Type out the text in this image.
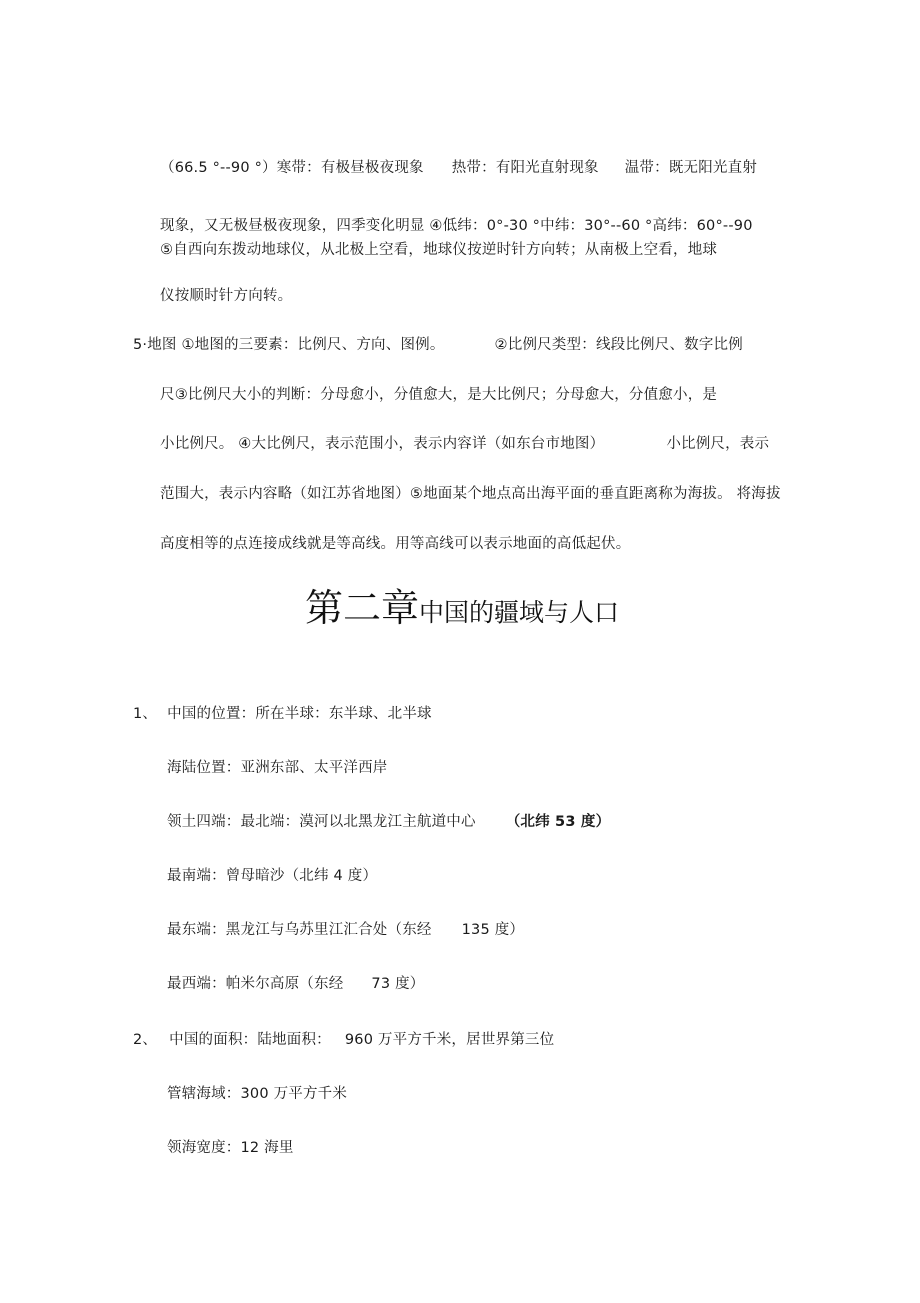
（66.5 °--90 °）寒带：有极昼极夜现象 热带：有阳光直射现象 温带：既无阳光直射
现象，又无极昼极夜现象，四季变化明显 ④低纬：0°-30 °中纬：30°--60 °高纬：60°--90
⑤自西向东拨动地球仪，从北极上空看，地球仪按逆时针方向转；从南极上空看，地球
仪按顺时针方向转。
5·地图 ①地图的三要素：比例尺、方向、图例。	②比例尺类型：线段比例尺、数字比例
尺③比例尺大小的判断：分母愈小，分值愈大，是大比例尺；分母愈大，分值愈小，是
小比例尺。 ④大比例尺，表示范围小，表示内容详（如东台市地图）	小比例尺，表示
范围大，表示内容略（如江苏省地图）⑤地面某个地点高出海平面的垂直距离称为海拔。 将海拔
高度相等的点连接成线就是等高线。用等高线可以表示地面的高低起伏。
第二章中国的疆域与人口
1、 中国的位置：所在半球：东半球、北半球
海陆位置：亚洲东部、太平洋西岸
领土四端：最北端：漠河以北黑龙江主航道中心 （北纬 53 度）
最南端：曾母暗沙（北纬 4 度）
最东端：黑龙江与乌苏里江汇合处（东经 135 度）
最西端：帕米尔高原（东经 73 度）
2、 中国的面积：陆地面积： 960 万平方千米，居世界第三位
管辖海域：300 万平方千米
领海宽度：12 海里
